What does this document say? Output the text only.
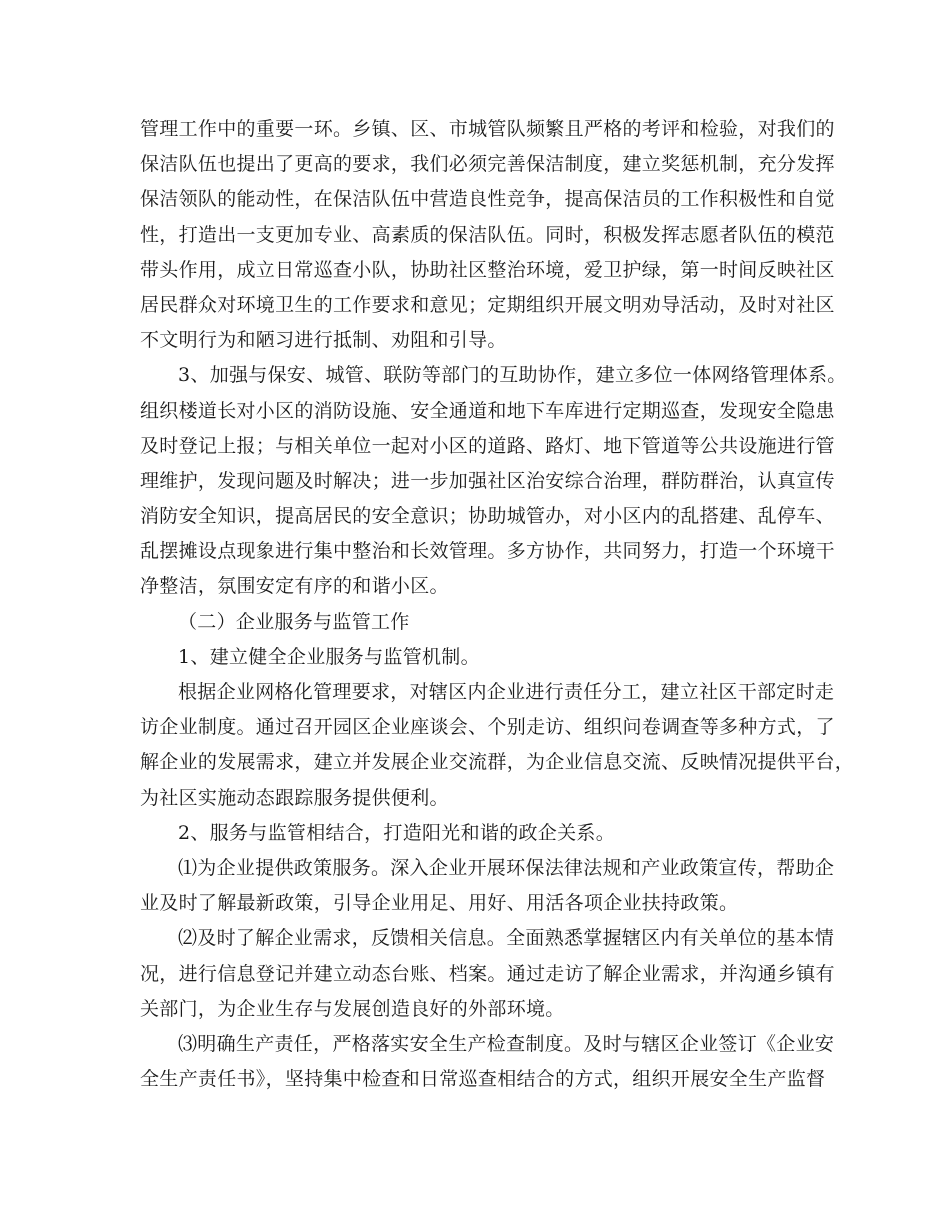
管理工作中的重要一环。乡镇、区、市城管队频繁且严格的考评和检验，对我们的
保洁队伍也提出了更高的要求，我们必须完善保洁制度，建立奖惩机制，充分发挥
保洁领队的能动性，在保洁队伍中营造良性竞争，提高保洁员的工作积极性和自觉
性，打造出一支更加专业、高素质的保洁队伍。同时，积极发挥志愿者队伍的模范
带头作用，成立日常巡查小队，协助社区整治环境，爱卫护绿，第一时间反映社区
居民群众对环境卫生的工作要求和意见；定期组织开展文明劝导活动，及时对社区
不文明行为和陋习进行抵制、劝阻和引导。
3、加强与保安、城管、联防等部门的互助协作，建立多位一体网络管理体系。
组织楼道长对小区的消防设施、安全通道和地下车库进行定期巡查，发现安全隐患
及时登记上报；与相关单位一起对小区的道路、路灯、地下管道等公共设施进行管
理维护，发现问题及时解决；进一步加强社区治安综合治理，群防群治，认真宣传
消防安全知识，提高居民的安全意识；协助城管办，对小区内的乱搭建、乱停车、
乱摆摊设点现象进行集中整治和长效管理。多方协作，共同努力，打造一个环境干
净整洁，氛围安定有序的和谐小区。
（二）企业服务与监管工作
1、建立健全企业服务与监管机制。
根据企业网格化管理要求，对辖区内企业进行责任分工，建立社区干部定时走
访企业制度。通过召开园区企业座谈会、个别走访、组织问卷调查等多种方式，了
解企业的发展需求，建立并发展企业交流群，为企业信息交流、反映情况提供平台，
为社区实施动态跟踪服务提供便利。
2、服务与监管相结合，打造阳光和谐的政企关系。
⑴为企业提供政策服务。深入企业开展环保法律法规和产业政策宣传，帮助企
业及时了解最新政策，引导企业用足、用好、用活各项企业扶持政策。
⑵及时了解企业需求，反馈相关信息。全面熟悉掌握辖区内有关单位的基本情
况，进行信息登记并建立动态台账、档案。通过走访了解企业需求，并沟通乡镇有
关部门，为企业生存与发展创造良好的外部环境。
⑶明确生产责任，严格落实安全生产检查制度。及时与辖区企业签订《企业安
全生产责任书》，坚持集中检查和日常巡查相结合的方式，组织开展安全生产监督
